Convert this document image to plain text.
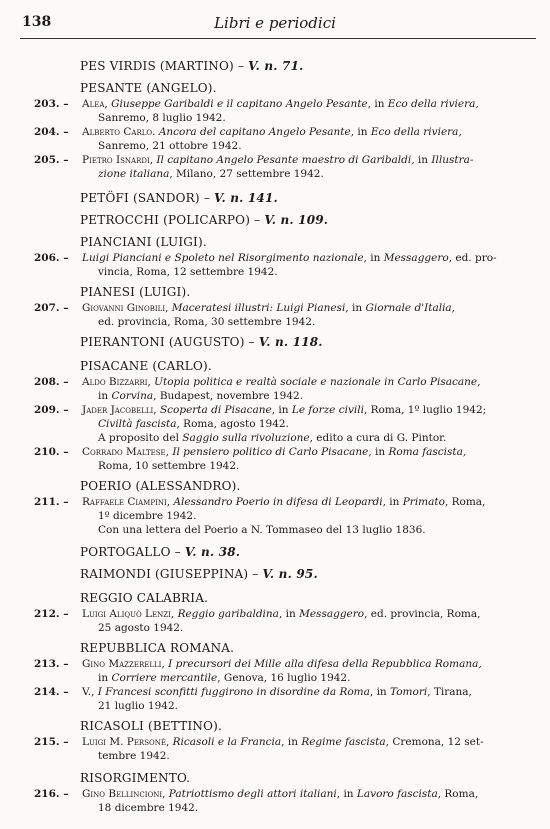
138	Libri e periodici
PES VIRDIS (MARTINO) – V. n. 71.
PESANTE (ANGELO).
203. – Alea, Giuseppe Garibaldi e il capitano Angelo Pesante, in Eco della riviera,
Sanremo, 8 luglio 1942.
204. – Alberto Carlo. Ancora del capitano Angelo Pesante, in Eco della riviera,
Sanremo, 21 ottobre 1942.
205. – Pietro Isnardi, Il capitano Angelo Pesante maestro di Garibaldi, in Illustra-
zione italiana, Milano, 27 settembre 1942.
PETÖFI (SANDOR) – V. n. 141.
PETROCCHI (POLICARPO) – V. n. 109.
PIANCIANI (LUIGI).
206. – Luigi Pianciani e Spoleto nel Risorgimento nazionale, in Messaggero, ed. pro-
vincia, Roma, 12 settembre 1942.
PIANESI (LUIGI).
207. – Giovanni Ginobili, Maceratesi illustri: Luigi Pianesi, in Giornale d'Italia,
ed. provincia, Roma, 30 settembre 1942.
PIERANTONI (AUGUSTO) – V. n. 118.
PISACANE (CARLO).
208. – Aldo Bizzarri, Utopia politica e realtà sociale e nazionale in Carlo Pisacane,
in Corvina, Budapest, novembre 1942.
209. – Jader Jacobelli, Scoperta di Pisacane, in Le forze civili, Roma, 1º luglio 1942;
Civiltà fascista, Roma, agosto 1942.
A proposito del Saggio sulla rivoluzione, edito a cura di G. Pintor.
210. – Corrado Maltese, Il pensiero politico di Carlo Pisacane, in Roma fascista,
Roma, 10 settembre 1942.
POERIO (ALESSANDRO).
211. – Raffaele Ciampini, Alessandro Poerio in difesa di Leopardi, in Primato, Roma,
1º dicembre 1942.
Con una lettera del Poerio a N. Tommaseo del 13 luglio 1836.
PORTOGALLO – V. n. 38.
RAIMONDI (GIUSEPPINA) – V. n. 95.
REGGIO CALABRIA.
212. – Luigi Aliquò Lenzi, Reggio garibaldina, in Messaggero, ed. provincia, Roma,
25 agosto 1942.
REPUBBLICA ROMANA.
213. – Gino Mazzerelli, I precursori dei Mille alla difesa della Repubblica Romana,
in Corriere mercantile, Genova, 16 luglio 1942.
214. – V., I Francesi sconfitti fuggirono in disordine da Roma, in Tomori, Tirana,
21 luglio 1942.
RICASOLI (BETTINO).
215. – Luigi M. Personè, Ricasoli e la Francia, in Regime fascista, Cremona, 12 set-
tembre 1942.
RISORGIMENTO.
216. – Gino Bellincioni, Patriottismo degli attori italiani, in Lavoro fascista, Roma,
18 dicembre 1942.
